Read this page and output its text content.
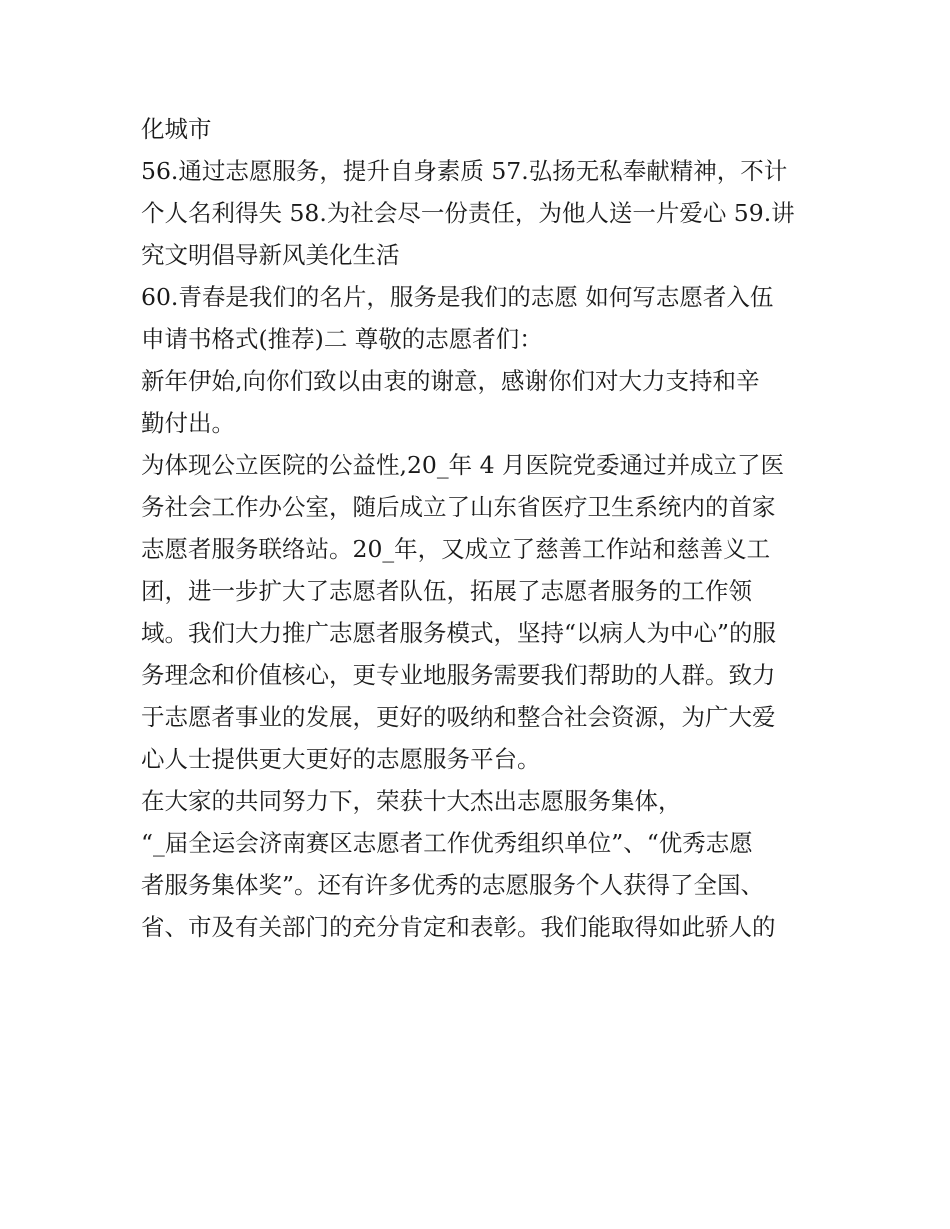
化城市
56.通过志愿服务，提升自身素质 57.弘扬无私奉献精神，不计
个人名利得失 58.为社会尽一份责任，为他人送一片爱心 59.讲
究文明倡导新风美化生活
60.青春是我们的名片，服务是我们的志愿 如何写志愿者入伍
申请书格式(推荐)二 尊敬的志愿者们：
新年伊始,向你们致以由衷的谢意，感谢你们对大力支持和辛
勤付出。
为体现公立医院的公益性,20_年 4 月医院党委通过并成立了医
务社会工作办公室，随后成立了山东省医疗卫生系统内的首家
志愿者服务联络站。20_年，又成立了慈善工作站和慈善义工
团，进一步扩大了志愿者队伍，拓展了志愿者服务的工作领
域。我们大力推广志愿者服务模式，坚持“以病人为中心”的服
务理念和价值核心，更专业地服务需要我们帮助的人群。致力
于志愿者事业的发展，更好的吸纳和整合社会资源，为广大爱
心人士提供更大更好的志愿服务平台。
在大家的共同努力下，荣获十大杰出志愿服务集体，
“_届全运会济南赛区志愿者工作优秀组织单位”、“优秀志愿
者服务集体奖”。还有许多优秀的志愿服务个人获得了全国、
省、市及有关部门的充分肯定和表彰。我们能取得如此骄人的
